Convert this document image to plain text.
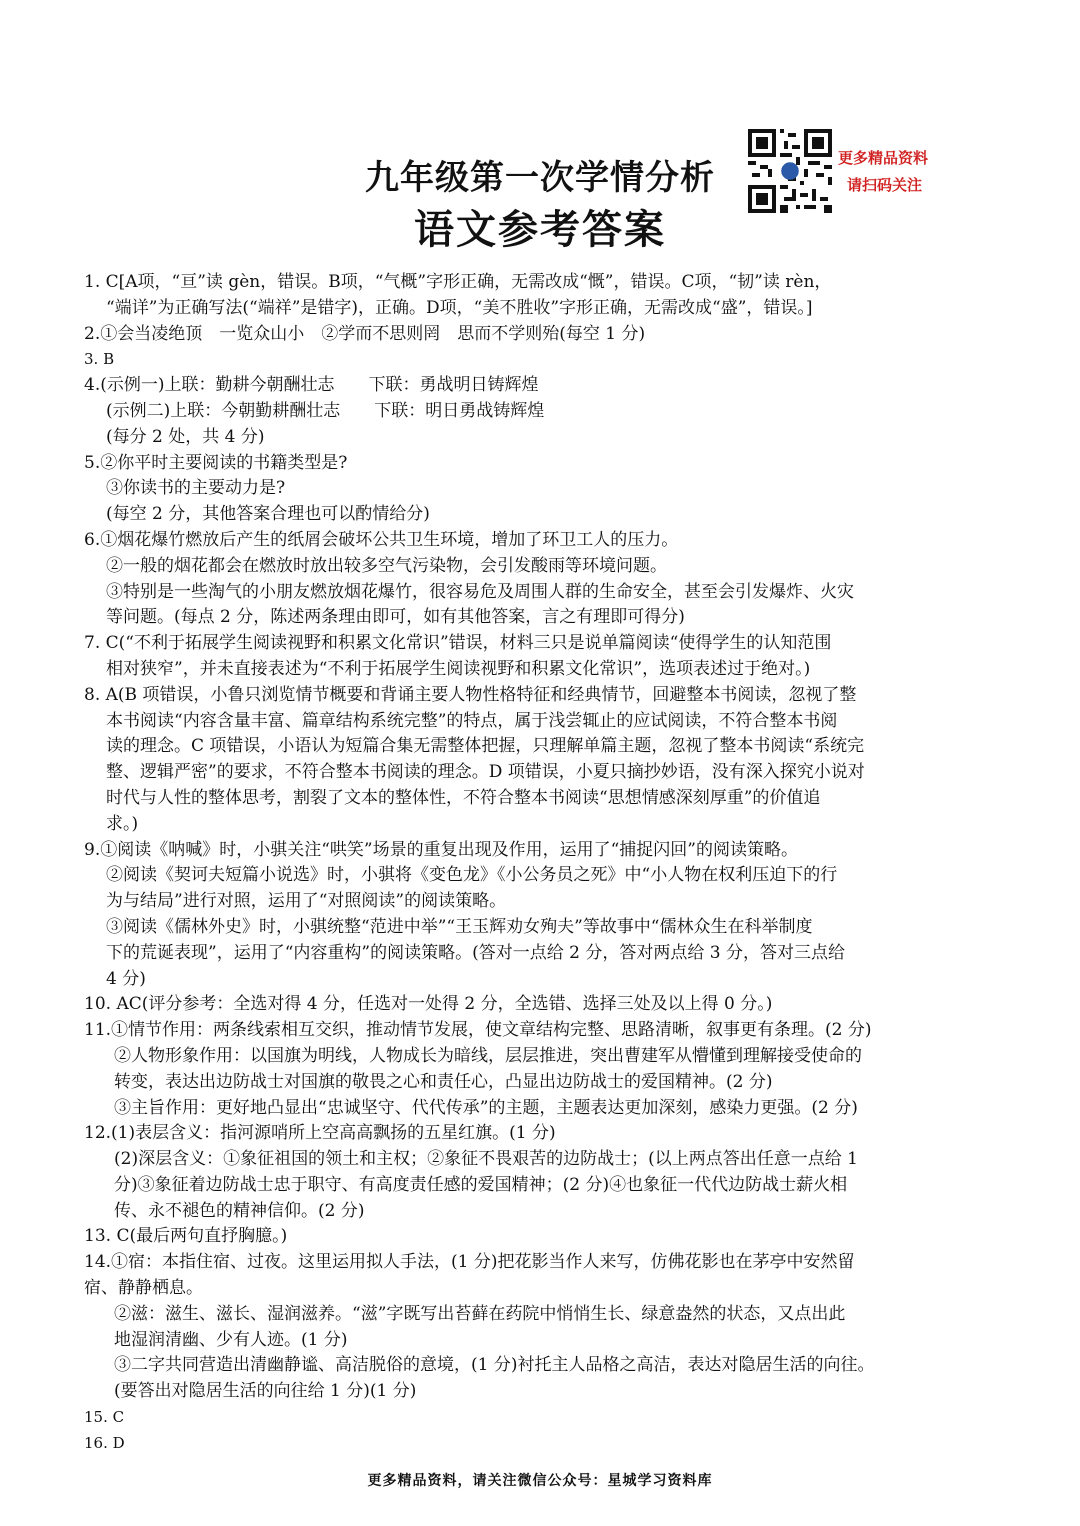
九年级第一次学情分析
语文参考答案
更多精品资料
请扫码关注
1. C[A项，“亘”读 gèn，错误。B项，“气概”字形正确，无需改成“慨”，错误。C项，“韧”读 rèn，
“端详”为正确写法(“端祥”是错字)，正确。D项，“美不胜收”字形正确，无需改成“盛”，错误。]
2.①会当凌绝顶　一览众山小　②学而不思则罔　思而不学则殆(每空 1 分)
3. B
4.(示例一)上联：勤耕今朝酬壮志　　下联：勇战明日铸辉煌
(示例二)上联：今朝勤耕酬壮志　　下联：明日勇战铸辉煌
(每分 2 处，共 4 分)
5.②你平时主要阅读的书籍类型是?
③你读书的主要动力是?
(每空 2 分，其他答案合理也可以酌情给分)
6.①烟花爆竹燃放后产生的纸屑会破坏公共卫生环境，增加了环卫工人的压力。
②一般的烟花都会在燃放时放出较多空气污染物，会引发酸雨等环境问题。
③特别是一些淘气的小朋友燃放烟花爆竹，很容易危及周围人群的生命安全，甚至会引发爆炸、火灾
等问题。(每点 2 分，陈述两条理由即可，如有其他答案，言之有理即可得分)
7. C(“不利于拓展学生阅读视野和积累文化常识”错误，材料三只是说单篇阅读“使得学生的认知范围
相对狭窄”，并未直接表述为“不利于拓展学生阅读视野和积累文化常识”，选项表述过于绝对。)
8. A(B 项错误，小鲁只浏览情节概要和背诵主要人物性格特征和经典情节，回避整本书阅读，忽视了整
本书阅读“内容含量丰富、篇章结构系统完整”的特点，属于浅尝辄止的应试阅读，不符合整本书阅
读的理念。C 项错误，小语认为短篇合集无需整体把握，只理解单篇主题，忽视了整本书阅读“系统完
整、逻辑严密”的要求，不符合整本书阅读的理念。D 项错误，小夏只摘抄妙语，没有深入探究小说对
时代与人性的整体思考，割裂了文本的整体性，不符合整本书阅读“思想情感深刻厚重”的价值追
求。)
9.①阅读《呐喊》时，小骐关注“哄笑”场景的重复出现及作用，运用了“捕捉闪回”的阅读策略。
②阅读《契诃夫短篇小说选》时，小骐将《变色龙》《小公务员之死》中“小人物在权利压迫下的行
为与结局”进行对照，运用了“对照阅读”的阅读策略。
③阅读《儒林外史》时，小骐统整“范进中举”“王玉辉劝女殉夫”等故事中“儒林众生在科举制度
下的荒诞表现”，运用了“内容重构”的阅读策略。(答对一点给 2 分，答对两点给 3 分，答对三点给
4 分)
10. AC(评分参考：全选对得 4 分，任选对一处得 2 分，全选错、选择三处及以上得 0 分。)
11.①情节作用：两条线索相互交织，推动情节发展，使文章结构完整、思路清晰，叙事更有条理。(2 分)
②人物形象作用：以国旗为明线，人物成长为暗线，层层推进，突出曹建军从懵懂到理解接受使命的
转变，表达出边防战士对国旗的敬畏之心和责任心，凸显出边防战士的爱国精神。(2 分)
③主旨作用：更好地凸显出“忠诚坚守、代代传承”的主题，主题表达更加深刻，感染力更强。(2 分)
12.(1)表层含义：指河源哨所上空高高飘扬的五星红旗。(1 分)
(2)深层含义：①象征祖国的领土和主权；②象征不畏艰苦的边防战士；(以上两点答出任意一点给 1
分)③象征着边防战士忠于职守、有高度责任感的爱国精神；(2 分)④也象征一代代边防战士薪火相
传、永不褪色的精神信仰。(2 分)
13. C(最后两句直抒胸臆。)
14.①宿：本指住宿、过夜。这里运用拟人手法，(1 分)把花影当作人来写，仿佛花影也在茅亭中安然留
宿、静静栖息。
②滋：滋生、滋长、湿润滋养。“滋”字既写出苔藓在药院中悄悄生长、绿意盎然的状态，又点出此
地湿润清幽、少有人迹。(1 分)
③二字共同营造出清幽静谧、高洁脱俗的意境，(1 分)衬托主人品格之高洁，表达对隐居生活的向往。
(要答出对隐居生活的向往给 1 分)(1 分)
15. C
16. D
更多精品资料，请关注微信公众号：星城学习资料库
